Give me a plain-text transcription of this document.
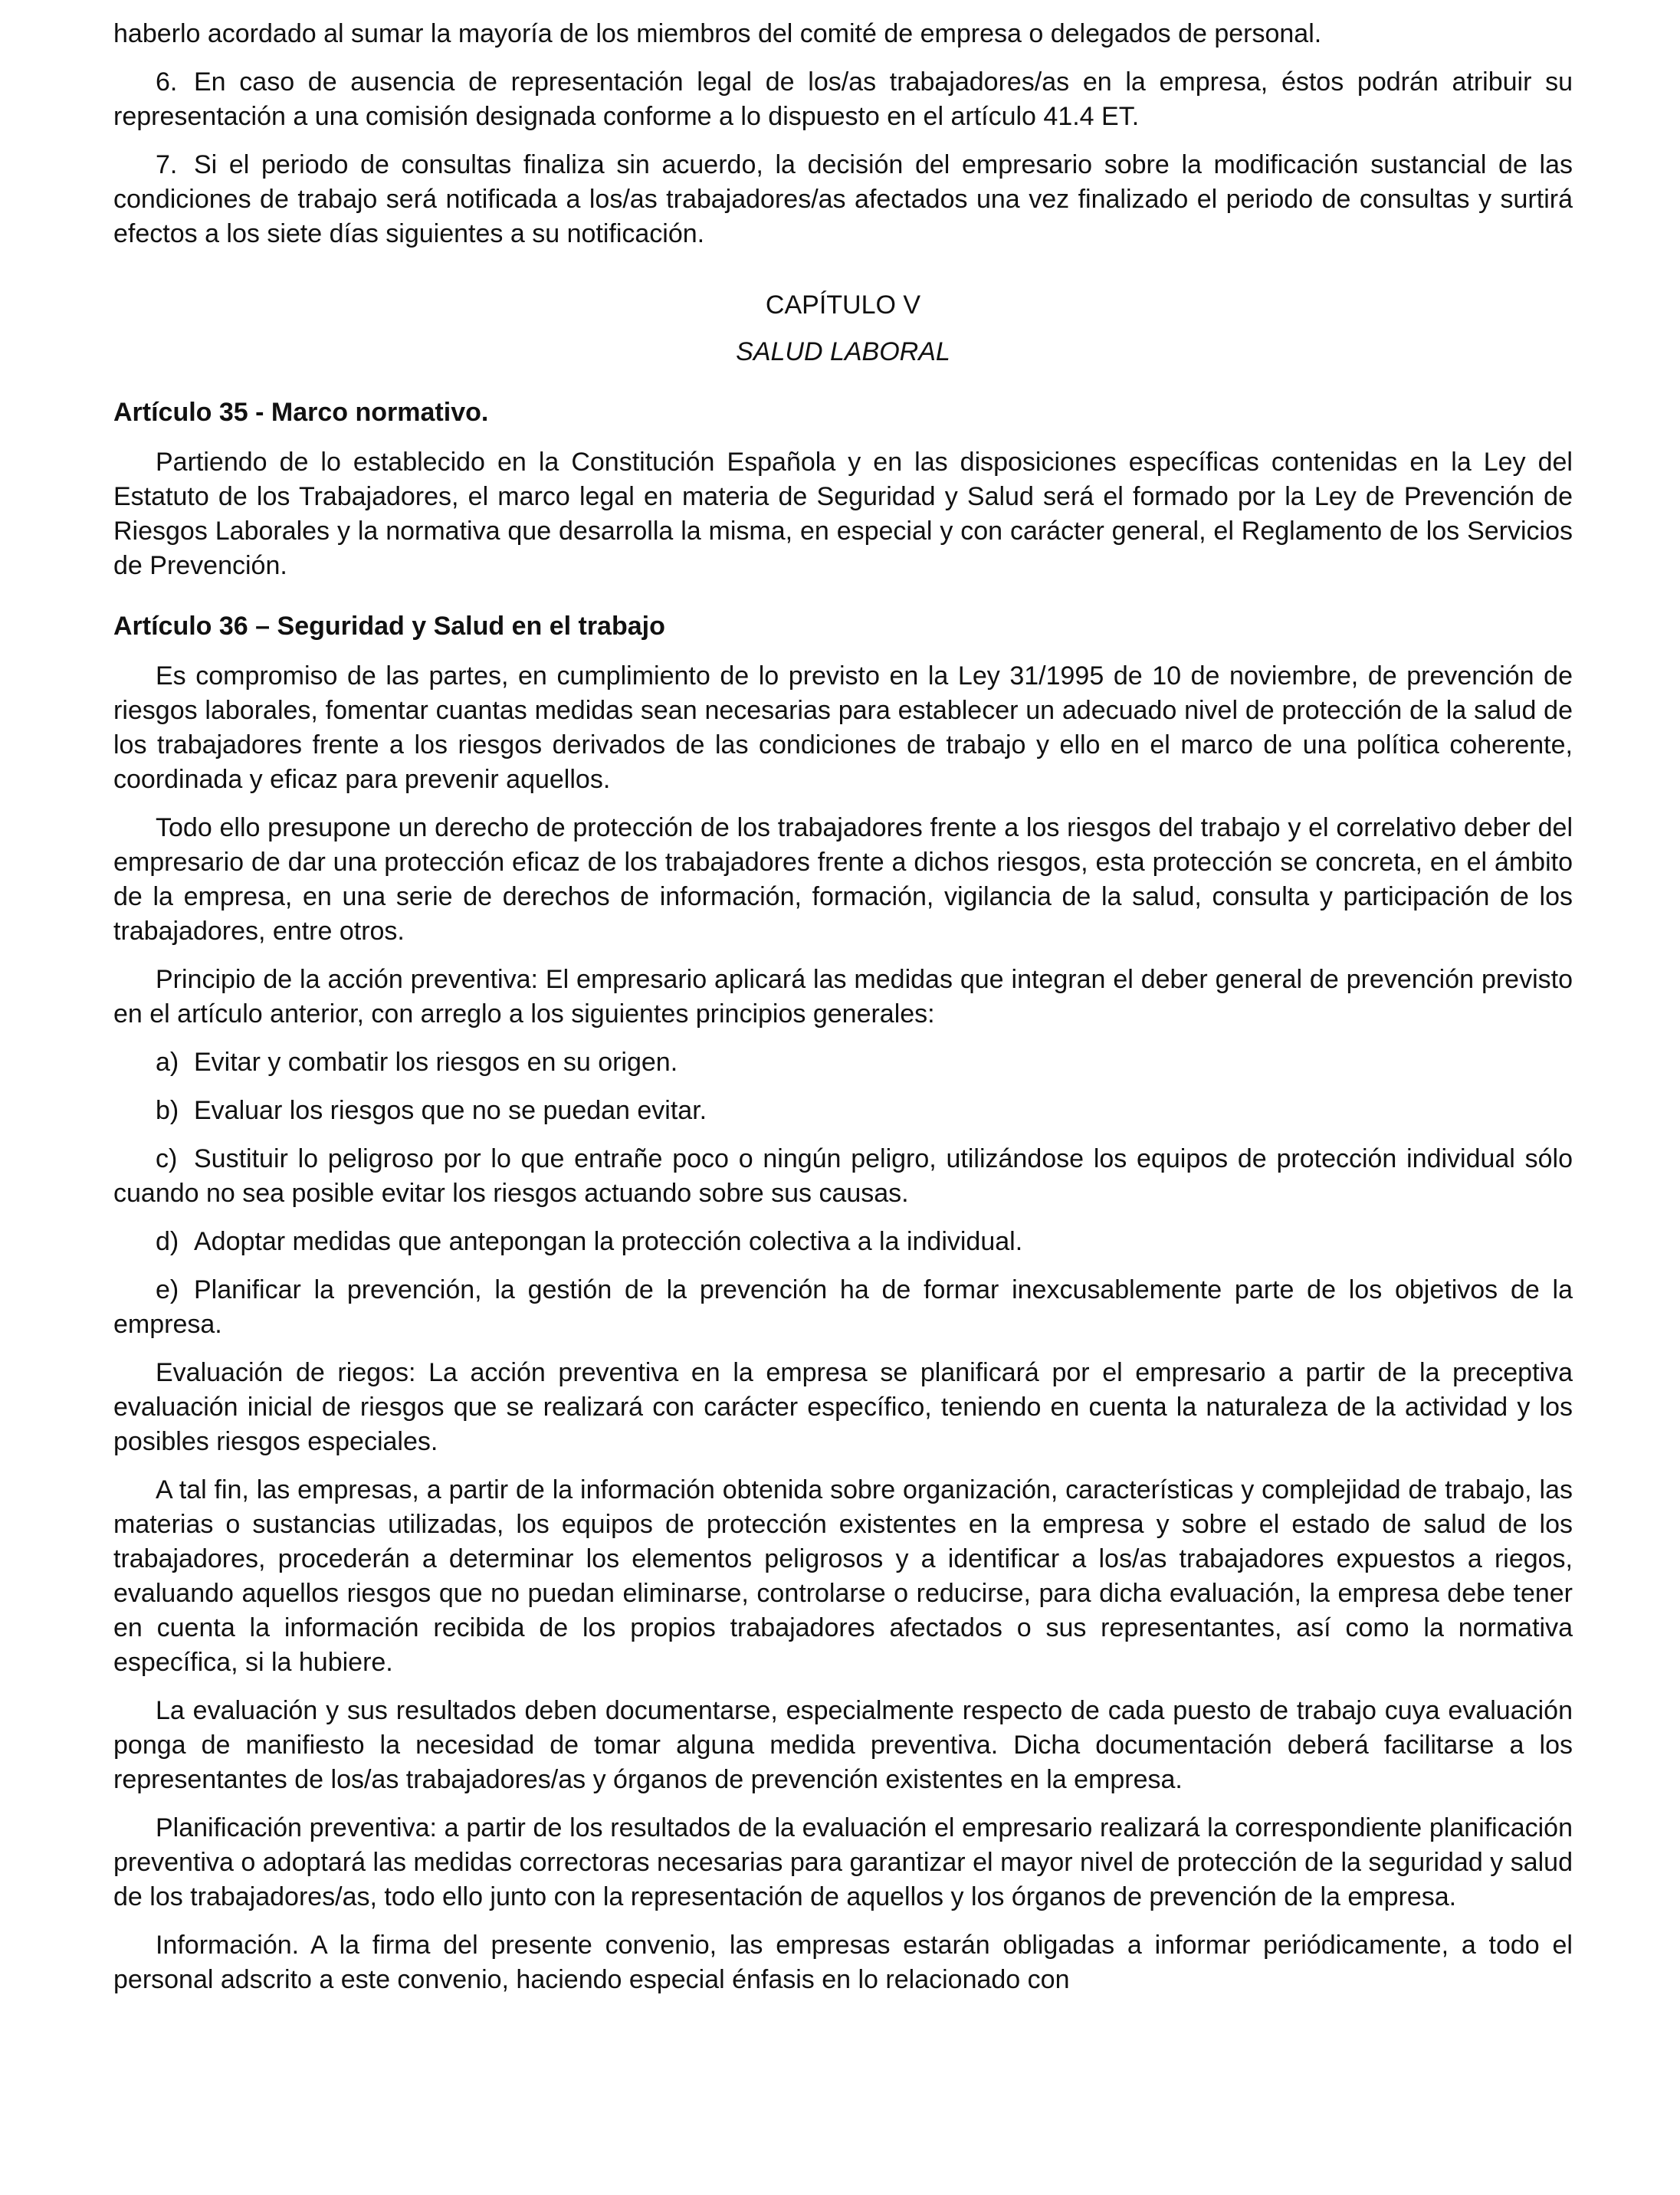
haberlo acordado al sumar la mayoría de los miembros del comité de empresa o delegados de personal.

6. En caso de ausencia de representación legal de los/as trabajadores/as en la empresa, éstos podrán atribuir su representación a una comisión designada conforme a lo dispuesto en el artículo 41.4 ET.

7. Si el periodo de consultas finaliza sin acuerdo, la decisión del empresario sobre la modificación sustancial de las condiciones de trabajo será notificada a los/as trabajadores/as afectados una vez finalizado el periodo de consultas y surtirá efectos a los siete días siguientes a su notificación.

CAPÍTULO V

SALUD LABORAL

Artículo 35 - Marco normativo.

Partiendo de lo establecido en la Constitución Española y en las disposiciones específicas contenidas en la Ley del Estatuto de los Trabajadores, el marco legal en materia de Seguridad y Salud será el formado por la Ley de Prevención de Riesgos Laborales y la normativa que desarrolla la misma, en especial y con carácter general, el Reglamento de los Servicios de Prevención.

Artículo 36 – Seguridad y Salud en el trabajo

Es compromiso de las partes, en cumplimiento de lo previsto en la Ley 31/1995 de 10 de noviembre, de prevención de riesgos laborales, fomentar cuantas medidas sean necesarias para establecer un adecuado nivel de protección de la salud de los trabajadores frente a los riesgos derivados de las condiciones de trabajo y ello en el marco de una política coherente, coordinada y eficaz para prevenir aquellos.

Todo ello presupone un derecho de protección de los trabajadores frente a los riesgos del trabajo y el correlativo deber del empresario de dar una protección eficaz de los trabajadores frente a dichos riesgos, esta protección se concreta, en el ámbito de la empresa, en una serie de derechos de información, formación, vigilancia de la salud, consulta y participación de los trabajadores, entre otros.

Principio de la acción preventiva: El empresario aplicará las medidas que integran el deber general de prevención previsto en el artículo anterior, con arreglo a los siguientes principios generales:

a) Evitar y combatir los riesgos en su origen.

b) Evaluar los riesgos que no se puedan evitar.

c) Sustituir lo peligroso por lo que entrañe poco o ningún peligro, utilizándose los equipos de protección individual sólo cuando no sea posible evitar los riesgos actuando sobre sus causas.

d) Adoptar medidas que antepongan la protección colectiva a la individual.

e) Planificar la prevención, la gestión de la prevención ha de formar inexcusablemente parte de los objetivos de la empresa.

Evaluación de riegos: La acción preventiva en la empresa se planificará por el empresario a partir de la preceptiva evaluación inicial de riesgos que se realizará con carácter específico, teniendo en cuenta la naturaleza de la actividad y los posibles riesgos especiales.

A tal fin, las empresas, a partir de la información obtenida sobre organización, características y complejidad de trabajo, las materias o sustancias utilizadas, los equipos de protección existentes en la empresa y sobre el estado de salud de los trabajadores, procederán a determinar los elementos peligrosos y a identificar a los/as trabajadores expuestos a riegos, evaluando aquellos riesgos que no puedan eliminarse, controlarse o reducirse, para dicha evaluación, la empresa debe tener en cuenta la información recibida de los propios trabajadores afectados o sus representantes, así como la normativa específica, si la hubiere.

La evaluación y sus resultados deben documentarse, especialmente respecto de cada puesto de trabajo cuya evaluación ponga de manifiesto la necesidad de tomar alguna medida preventiva. Dicha documentación deberá facilitarse a los representantes de los/as trabajadores/as y órganos de prevención existentes en la empresa.

Planificación preventiva: a partir de los resultados de la evaluación el empresario realizará la correspondiente planificación preventiva o adoptará las medidas correctoras necesarias para garantizar el mayor nivel de protección de la seguridad y salud de los trabajadores/as, todo ello junto con la representación de aquellos y los órganos de prevención de la empresa.

Información. A la firma del presente convenio, las empresas estarán obligadas a informar periódicamente, a todo el personal adscrito a este convenio, haciendo especial énfasis en lo relacionado con
